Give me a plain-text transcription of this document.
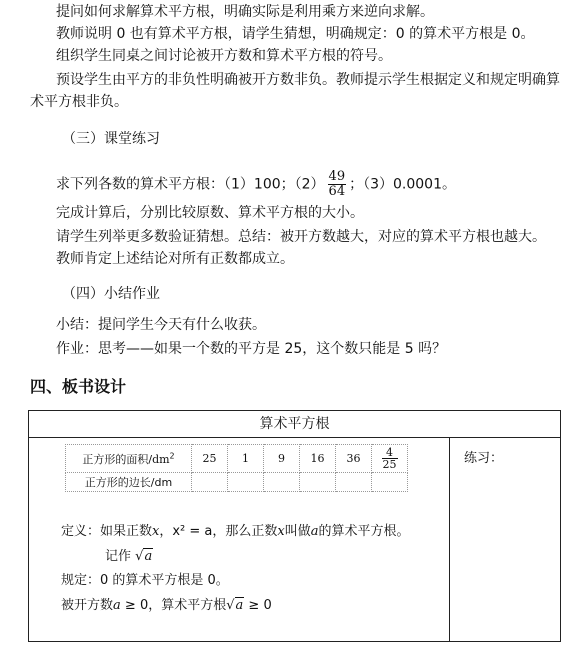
提问如何求解算术平方根，明确实际是利用乘方来逆向求解。
教师说明 0 也有算术平方根，请学生猜想，明确规定：0 的算术平方根是 0。
组织学生同桌之间讨论被开方数和算术平方根的符号。
预设学生由平方的非负性明确被开方数非负。教师提示学生根据定义和规定明确算
术平方根非负。
（三）课堂练习
求下列各数的算术平方根：（1）100；$(2) \frac{49}{64}$ ；（3）0.0001。
完成计算后，分别比较原数、算术平方根的大小。
请学生列举更多数验证猜想。总结：被开方数越大，对应的算术平方根也越大。
教师肯定上述结论对所有正数都成立。
（四）小结作业
小结：提问学生今天有什么收获。
作业：思考——如果一个数的平方是 25，这个数只能是 5 吗？
四、板书设计
算术平方根
练习：
正方形的面积$/dm^2$	25	1	9	16	36	$\frac{4}{25}$

正方形的边长/dm						
定义：如果正数x，x² = a，那么正数x叫做a的算术平方根。
记作 √a
规定：0 的算术平方根是 0。
被开方数a ≥ 0，算术平方根√a ≥ 0
